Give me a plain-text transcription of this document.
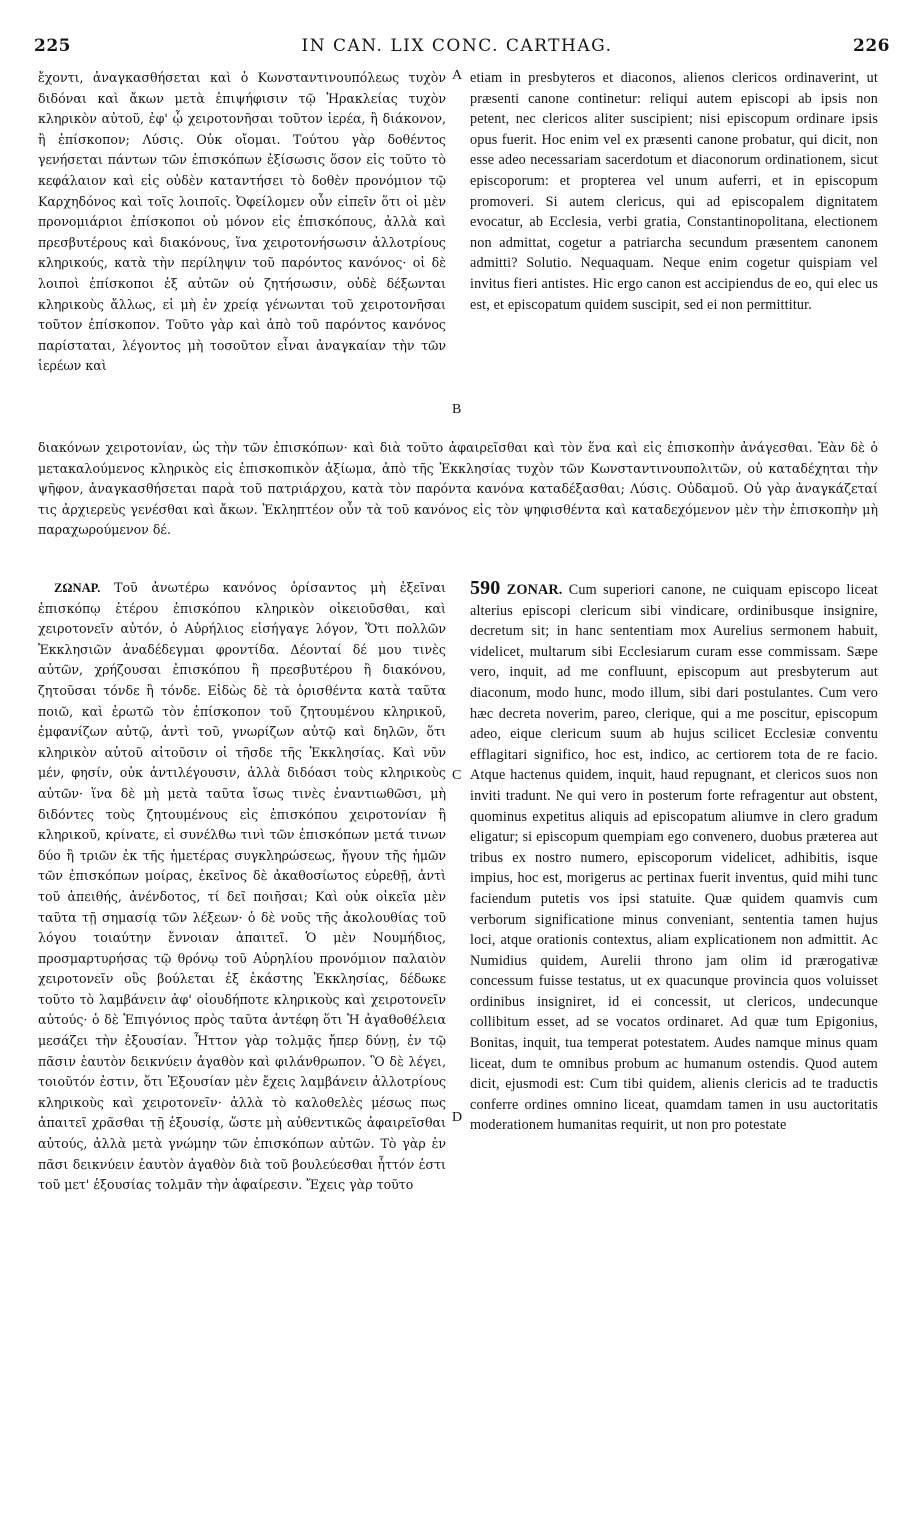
225	IN CAN. LIX CONC. CARTHAG.	226

ἔχοντι, ἀναγκασθήσεται καὶ ὁ Κωνσταντινουπόλεως τυχὸν διδόναι καὶ ἄκων μετὰ ἐπιψήφισιν τῷ Ἡρακλείας τυχὸν κληρικὸν αὐτοῦ, ἐφ' ᾧ χειροτονῆσαι τοῦτον ἱερέα, ἢ διάκονον, ἢ ἐπίσκοπον; Λύσις. Οὐκ οἴομαι. Τούτου γὰρ δοθέντος γενήσεται πάντων τῶν ἐπισκόπων ἐξίσωσις ὅσον εἰς τοῦτο τὸ κεφάλαιον καὶ εἰς οὐδὲν καταντήσει τὸ δοθὲν προνόμιον τῷ Καρχηδόνος καὶ τοῖς λοιποῖς. Ὀφείλομεν οὖν εἰπεῖν ὅτι οἱ μὲν προνομιάριοι ἐπίσκοποι οὐ μόνον εἰς ἐπισκόπους, ἀλλὰ καὶ πρεσβυτέρους καὶ διακόνους, ἵνα χειροτονήσωσιν ἀλλοτρίους κληρικούς, κατὰ τὴν περίληψιν τοῦ παρόντος κανόνος· οἱ δὲ λοιποὶ ἐπίσκοποι ἐξ αὐτῶν οὐ ζητήσωσιν, οὐδὲ δέξωνται κληρικοὺς ἄλλως, εἰ μὴ ἐν χρείᾳ γένωνται τοῦ χειροτονῆσαι τοῦτον ἐπίσκοπον. Τοῦτο γὰρ καὶ ἀπὸ τοῦ παρόντος κανόνος παρίσταται, λέγοντος μὴ τοσοῦτον εἶναι ἀναγκαίαν τὴν τῶν ἱερέων καὶ

A
B

etiam in presbyteros et diaconos, alienos clericos ordinaverint, ut præsenti canone continetur: reliqui autem episcopi ab ipsis non petent, nec clericos aliter suscipient; nisi episcopum ordinare ipsis opus fuerit. Hoc enim vel ex præsenti canone probatur, qui dicit, non esse adeo necessariam sacerdotum et diaconorum ordinationem, sicut episcoporum: et propterea vel unum auferri, et in episcopum promoveri. Si autem clericus, qui ad episcopalem dignitatem evocatur, ab Ecclesia, verbi gratia, Constantinopolitana, electionem non admittat, cogetur a patriarcha secundum præsentem canonem admitti? Solutio. Nequaquam. Neque enim cogetur quispiam vel invitus fieri antistes. Hic ergo canon est accipiendus de eo, qui elec us est, et episcopatum quidem suscipit, sed ei non permittitur.

διακόνων χειροτονίαν, ὡς τὴν τῶν ἐπισκόπων· καὶ διὰ τοῦτο ἀφαιρεῖσθαι καὶ τὸν ἕνα καὶ εἰς ἐπισκοπὴν ἀνάγεσθαι. Ἐὰν δὲ ὁ μετακαλούμενος κληρικὸς εἰς ἐπισκοπικὸν ἀξίωμα, ἀπὸ τῆς Ἐκκλησίας τυχὸν τῶν Κωνσταντινουπολιτῶν, οὐ καταδέχηται τὴν ψῆφον, ἀναγκασθήσεται παρὰ τοῦ πατριάρχου, κατὰ τὸν παρόντα κανόνα καταδέξασθαι; Λύσις. Οὐδαμοῦ. Οὐ γὰρ ἀναγκάζεταί τις ἀρχιερεὺς γενέσθαι καὶ ἄκων. Ἐκληπτέον οὖν τὰ τοῦ κανόνος εἰς τὸν ψηφισθέντα καὶ καταδεχόμενον μὲν τὴν ἐπισκοπὴν μὴ παραχωρούμενον δέ.

ΖΩΝΑΡ. Τοῦ ἀνωτέρω κανόνος ὁρίσαντος μὴ ἐξεῖναι ἐπισκόπῳ ἑτέρου ἐπισκόπου κληρικὸν οἰκειοῦσθαι, καὶ χειροτονεῖν αὐτόν, ὁ Αὐρήλιος εἰσήγαγε λόγον, Ὅτι πολλῶν Ἐκκλησιῶν ἀναδέδεγμαι φροντίδα. Δέονταί δέ μου τινὲς αὐτῶν, χρήζουσαι ἐπισκόπου ἢ πρεσβυτέρου ἢ διακόνου, ζητοῦσαι τόνδε ἢ τόνδε. Εἰδὼς δὲ τὰ ὁρισθέντα κατὰ ταῦτα ποιῶ, καὶ ἐρωτῶ τὸν ἐπίσκοπον τοῦ ζητουμένου κληρικοῦ, ἐμφανίζων αὐτῷ, ἀντὶ τοῦ, γνωρίζων αὐτῷ καὶ δηλῶν, ὅτι κληρικὸν αὐτοῦ αἰτοῦσιν οἱ τῆσδε τῆς Ἐκκλησίας. Καὶ νῦν μέν, φησίν, οὐκ ἀντιλέγουσιν, ἀλλὰ διδόασι τοὺς κληρικοὺς αὐτῶν· ἵνα δὲ μὴ μετὰ ταῦτα ἴσως τινὲς ἐναντιωθῶσι, μὴ διδόντες τοὺς ζητουμένους εἰς ἐπισκόπου χειροτονίαν ἢ κληρικοῦ, κρίνατε, εἰ συνέλθω τινὶ τῶν ἐπισκόπων μετά τινων δύο ἢ τριῶν ἐκ τῆς ἡμετέρας συγκληρώσεως, ἤγουν τῆς ἡμῶν τῶν ἐπισκόπων μοίρας, ἐκεῖνος δὲ ἀκαθοσίωτος εὑρεθῇ, ἀντὶ τοῦ ἀπειθής, ἀνένδοτος, τί δεῖ ποιῆσαι; Καὶ οὐκ οἰκεῖα μὲν ταῦτα τῇ σημασίᾳ τῶν λέξεων· ὁ δὲ νοῦς τῆς ἀκολουθίας τοῦ λόγου τοιαύτην ἔννοιαν ἀπαιτεῖ. Ὁ μὲν Νουμήδιος, προσμαρτυρήσας τῷ θρόνῳ τοῦ Αὐρηλίου προνόμιον παλαιὸν χειροτονεῖν οὓς βούλεται ἐξ ἑκάστης Ἐκκλησίας, δέδωκε τοῦτο τὸ λαμβάνειν ἀφ' οἱουδήποτε κληρικοὺς καὶ χειροτονεῖν αὐτούς· ὁ δὲ Ἐπιγόνιος πρὸς ταῦτα ἀντέφη ὅτι Ἡ ἀγαθοθέλεια μεσάζει τὴν ἐξουσίαν. Ἧττον γὰρ τολμᾷς ἤπερ δύνῃ, ἐν τῷ πᾶσιν ἑαυτὸν δεικνύειν ἀγαθὸν καὶ φιλάνθρωπον. Ὃ δὲ λέγει, τοιοῦτόν ἐστιν, ὅτι Ἐξουσίαν μὲν ἔχεις λαμβάνειν ἀλλοτρίους κληρικοὺς καὶ χειροτονεῖν· ἀλλὰ τὸ καλοθελὲς μέσως πως ἀπαιτεῖ χρᾶσθαι τῇ ἐξουσίᾳ, ὥστε μὴ αὐθεντικῶς ἀφαιρεῖσθαι αὐτούς, ἀλλὰ μετὰ γνώμην τῶν ἐπισκόπων αὐτῶν. Τὸ γὰρ ἐν πᾶσι δεικνύειν ἑαυτὸν ἀγαθὸν διὰ τοῦ βουλεύεσθαι ἧττόν ἐστι τοῦ μετ' ἐξουσίας τολμᾶν τὴν ἀφαίρεσιν. Ἔχεις γὰρ τοῦτο

C
D

590 ZONAR. Cum superiori canone, ne cuiquam episcopo liceat alterius episcopi clericum sibi vindicare, ordinibusque insignire, decretum sit; in hanc sententiam mox Aurelius sermonem habuit, videlicet, multarum sibi Ecclesiarum curam esse commissam. Sæpe vero, inquit, ad me confluunt, episcopum aut presbyterum aut diaconum, modo hunc, modo illum, sibi dari postulantes. Cum vero hæc decreta noverim, pareo, clerique, qui a me poscitur, episcopum adeo, eique clericum suum ab hujus scilicet Ecclesiæ conventu efflagitari significo, hoc est, indico, ac certiorem tota de re facio. Atque hactenus quidem, inquit, haud repugnant, et clericos suos non inviti tradunt. Ne qui vero in posterum forte refragentur aut obstent, quominus expetitus aliquis ad episcopatum aliumve in clero gradum eligatur; si episcopum quempiam ego convenero, duobus præterea aut tribus ex nostro numero, episcoporum videlicet, adhibitis, isque impius, hoc est, morigerus ac pertinax fuerit inventus, quid mihi tunc faciendum putetis vos ipsi statuite. Quæ quidem quamvis cum verborum significatione minus conveniant, sententia tamen hujus loci, atque orationis contextus, aliam explicationem non admittit. Ac Numidius quidem, Aurelii throno jam olim id prærogativæ concessum fuisse testatus, ut ex quacunque provincia quos voluisset ordinibus insigniret, id ei concessit, ut clericos, undecunque collibitum esset, ad se vocatos ordinaret. Ad quæ tum Epigonius, Bonitas, inquit, tua temperat potestatem. Audes namque minus quam liceat, dum te omnibus probum ac humanum ostendis. Quod autem dicit, ejusmodi est: Cum tibi quidem, alienis clericis ad te traductis conferre ordines omnino liceat, quamdam tamen in usu auctoritatis moderationem humanitas requirit, ut non pro potestate
